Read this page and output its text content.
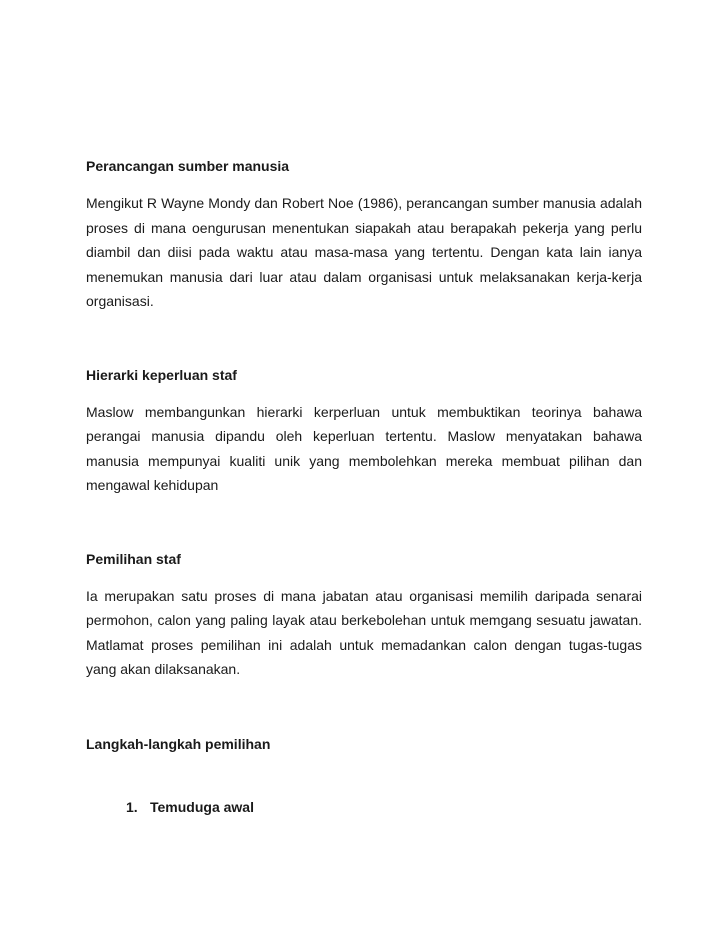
Perancangan sumber manusia

Mengikut R Wayne Mondy dan Robert Noe (1986), perancangan sumber manusia adalah proses di mana oengurusan menentukan siapakah atau berapakah pekerja yang perlu diambil dan diisi pada waktu atau masa-masa yang tertentu. Dengan kata lain ianya menemukan manusia dari luar atau dalam organisasi untuk melaksanakan kerja-kerja organisasi.

Hierarki keperluan staf

Maslow membangunkan hierarki kerperluan untuk membuktikan teorinya bahawa perangai manusia dipandu oleh keperluan tertentu. Maslow menyatakan bahawa manusia mempunyai kualiti unik yang membolehkan mereka membuat pilihan dan mengawal kehidupan

Pemilihan staf

Ia merupakan satu proses di mana jabatan atau organisasi memilih daripada senarai permohon, calon yang paling layak atau berkebolehan untuk memgang sesuatu jawatan. Matlamat proses pemilihan ini adalah untuk memadankan calon dengan tugas-tugas yang akan dilaksanakan.

Langkah-langkah pemilihan
1. Temuduga awal
